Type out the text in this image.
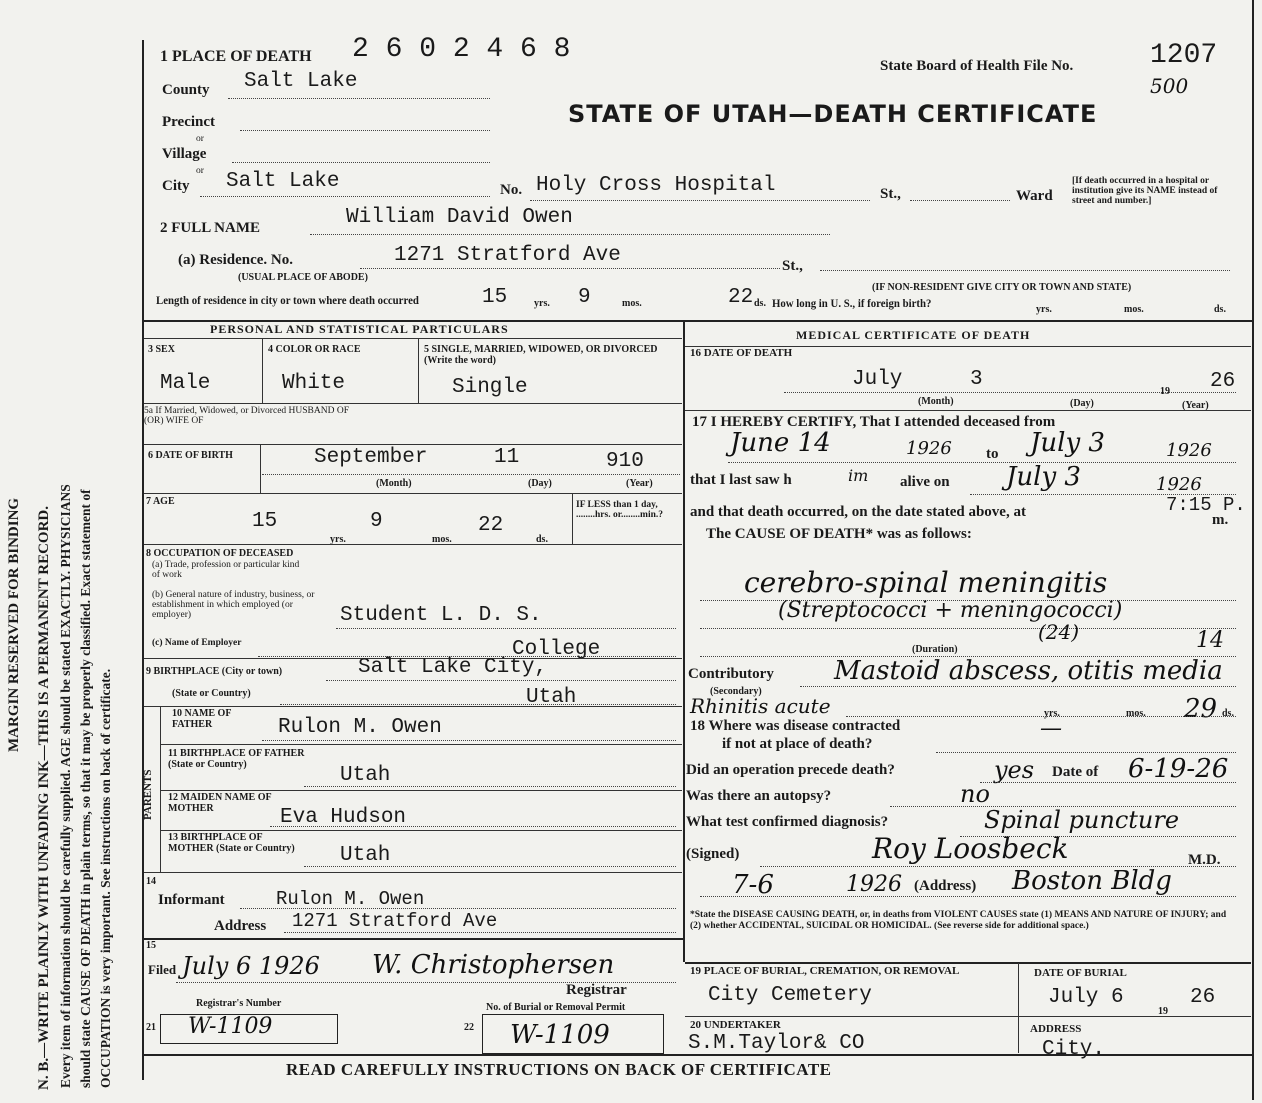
MARGIN RESERVED FOR BINDING N. B.—WRITE PLAINLY WITH UNFADING INK—THIS IS A PERMANENT RECORD. Every item of information should be carefully supplied. AGE should be stated EXACTLY. PHYSICIANS should state CAUSE OF DEATH in plain terms, so that it may be properly classified. Exact statement of OCCUPATION is very important. See instructions on back of certificate.
1 PLACE OF DEATH 2 6 0 2 4 6 8
State Board of Health File No.	1207
500
STATE OF UTAH—DEATH CERTIFICATE
County Salt Lake
Precinct
or
Village
or
City Salt Lake	No. Holy Cross Hospital	St.,	Ward
[If death occurred in a hospital or institution give its NAME instead of street and number.]
2 FULL NAME	William David Owen
(a) Residence. No.
(USUAL PLACE OF ABODE)
1271 Stratford Ave	St.,
(IF NON-RESIDENT GIVE CITY OR TOWN AND STATE)
Length of residence in city or town where death occurred	15	yrs. 9	mos.	22 ds. How long in U. S., if foreign birth?	yrs.	mos.	ds.
PERSONAL AND STATISTICAL PARTICULARS
3 SEX
Male
4 COLOR OR RACE
White
5 SINGLE, MARRIED, WIDOWED, OR DIVORCED (Write the word)
Single
5a If Married, Widowed, or Divorced HUSBAND OF (OR) WIFE OF
6 DATE OF BIRTH	September	11	910
(Month)	(Day)	(Year)
7 AGE
15	9	22
yrs.	mos.	ds.
IF LESS than 1 day, ........hrs. or........min.?
8 OCCUPATION OF DECEASED
(a) Trade, profession or particular kind of work
(b) General nature of industry, business, or establishment in which employed (or employer)	Student L. D. S.
(c) Name of Employer	College
9 BIRTHPLACE (City or town)	Salt Lake City,
(State or Country)	Utah
PARENTS
10 NAME OF FATHER	Rulon M. Owen
11 BIRTHPLACE OF FATHER (State or Country)	Utah
12 MAIDEN NAME OF MOTHER	Eva Hudson
13 BIRTHPLACE OF MOTHER (State or Country)	Utah
14
Informant	Rulon M. Owen
Address 1271 Stratford Ave
15
Filed July 6 1926 W. Christophersen
Registrar
Registrar's Number
21 W-1109	22
No. of Burial or Removal Permit
W-1109
MEDICAL CERTIFICATE OF DEATH
16 DATE OF DEATH
July	3
19 26
(Month)	(Day)	(Year)
17 I HEREBY CERTIFY, That I attended deceased from
June 14	1926 to July 3	1926
that I last saw h	im alive on July 3	1926
and that death occurred, on the date stated above, at	7:15 P.
m.
The CAUSE OF DEATH* was as follows:
cerebro-spinal meningitis
(Streptococci + meningococci)
(24)	14
(Duration)
Contributory Mastoid abscess, otitis media
(Secondary)
Rhinitis acute	yrs.	mos. 29 ds.
18 Where was disease contracted
if not at place of death?
—
Did an operation precede death?	yes Date of 6-19-26
Was there an autopsy?	no
What test confirmed diagnosis?	Spinal puncture
(Signed)	Roy Loosbeck	M.D.
7-6	1926 (Address) Boston Bldg
*State the DISEASE CAUSING DEATH, or, in deaths from VIOLENT CAUSES state (1) MEANS AND NATURE OF INJURY; and (2) whether ACCIDENTAL, SUICIDAL OR HOMICIDAL. (See reverse side for additional space.)
19 PLACE OF BURIAL, CREMATION, OR REMOVAL
City Cemetery
DATE OF BURIAL
July 6
19
26
20 UNDERTAKER
S.M.Taylor& CO
ADDRESS
City.
READ CAREFULLY INSTRUCTIONS ON BACK OF CERTIFICATE
